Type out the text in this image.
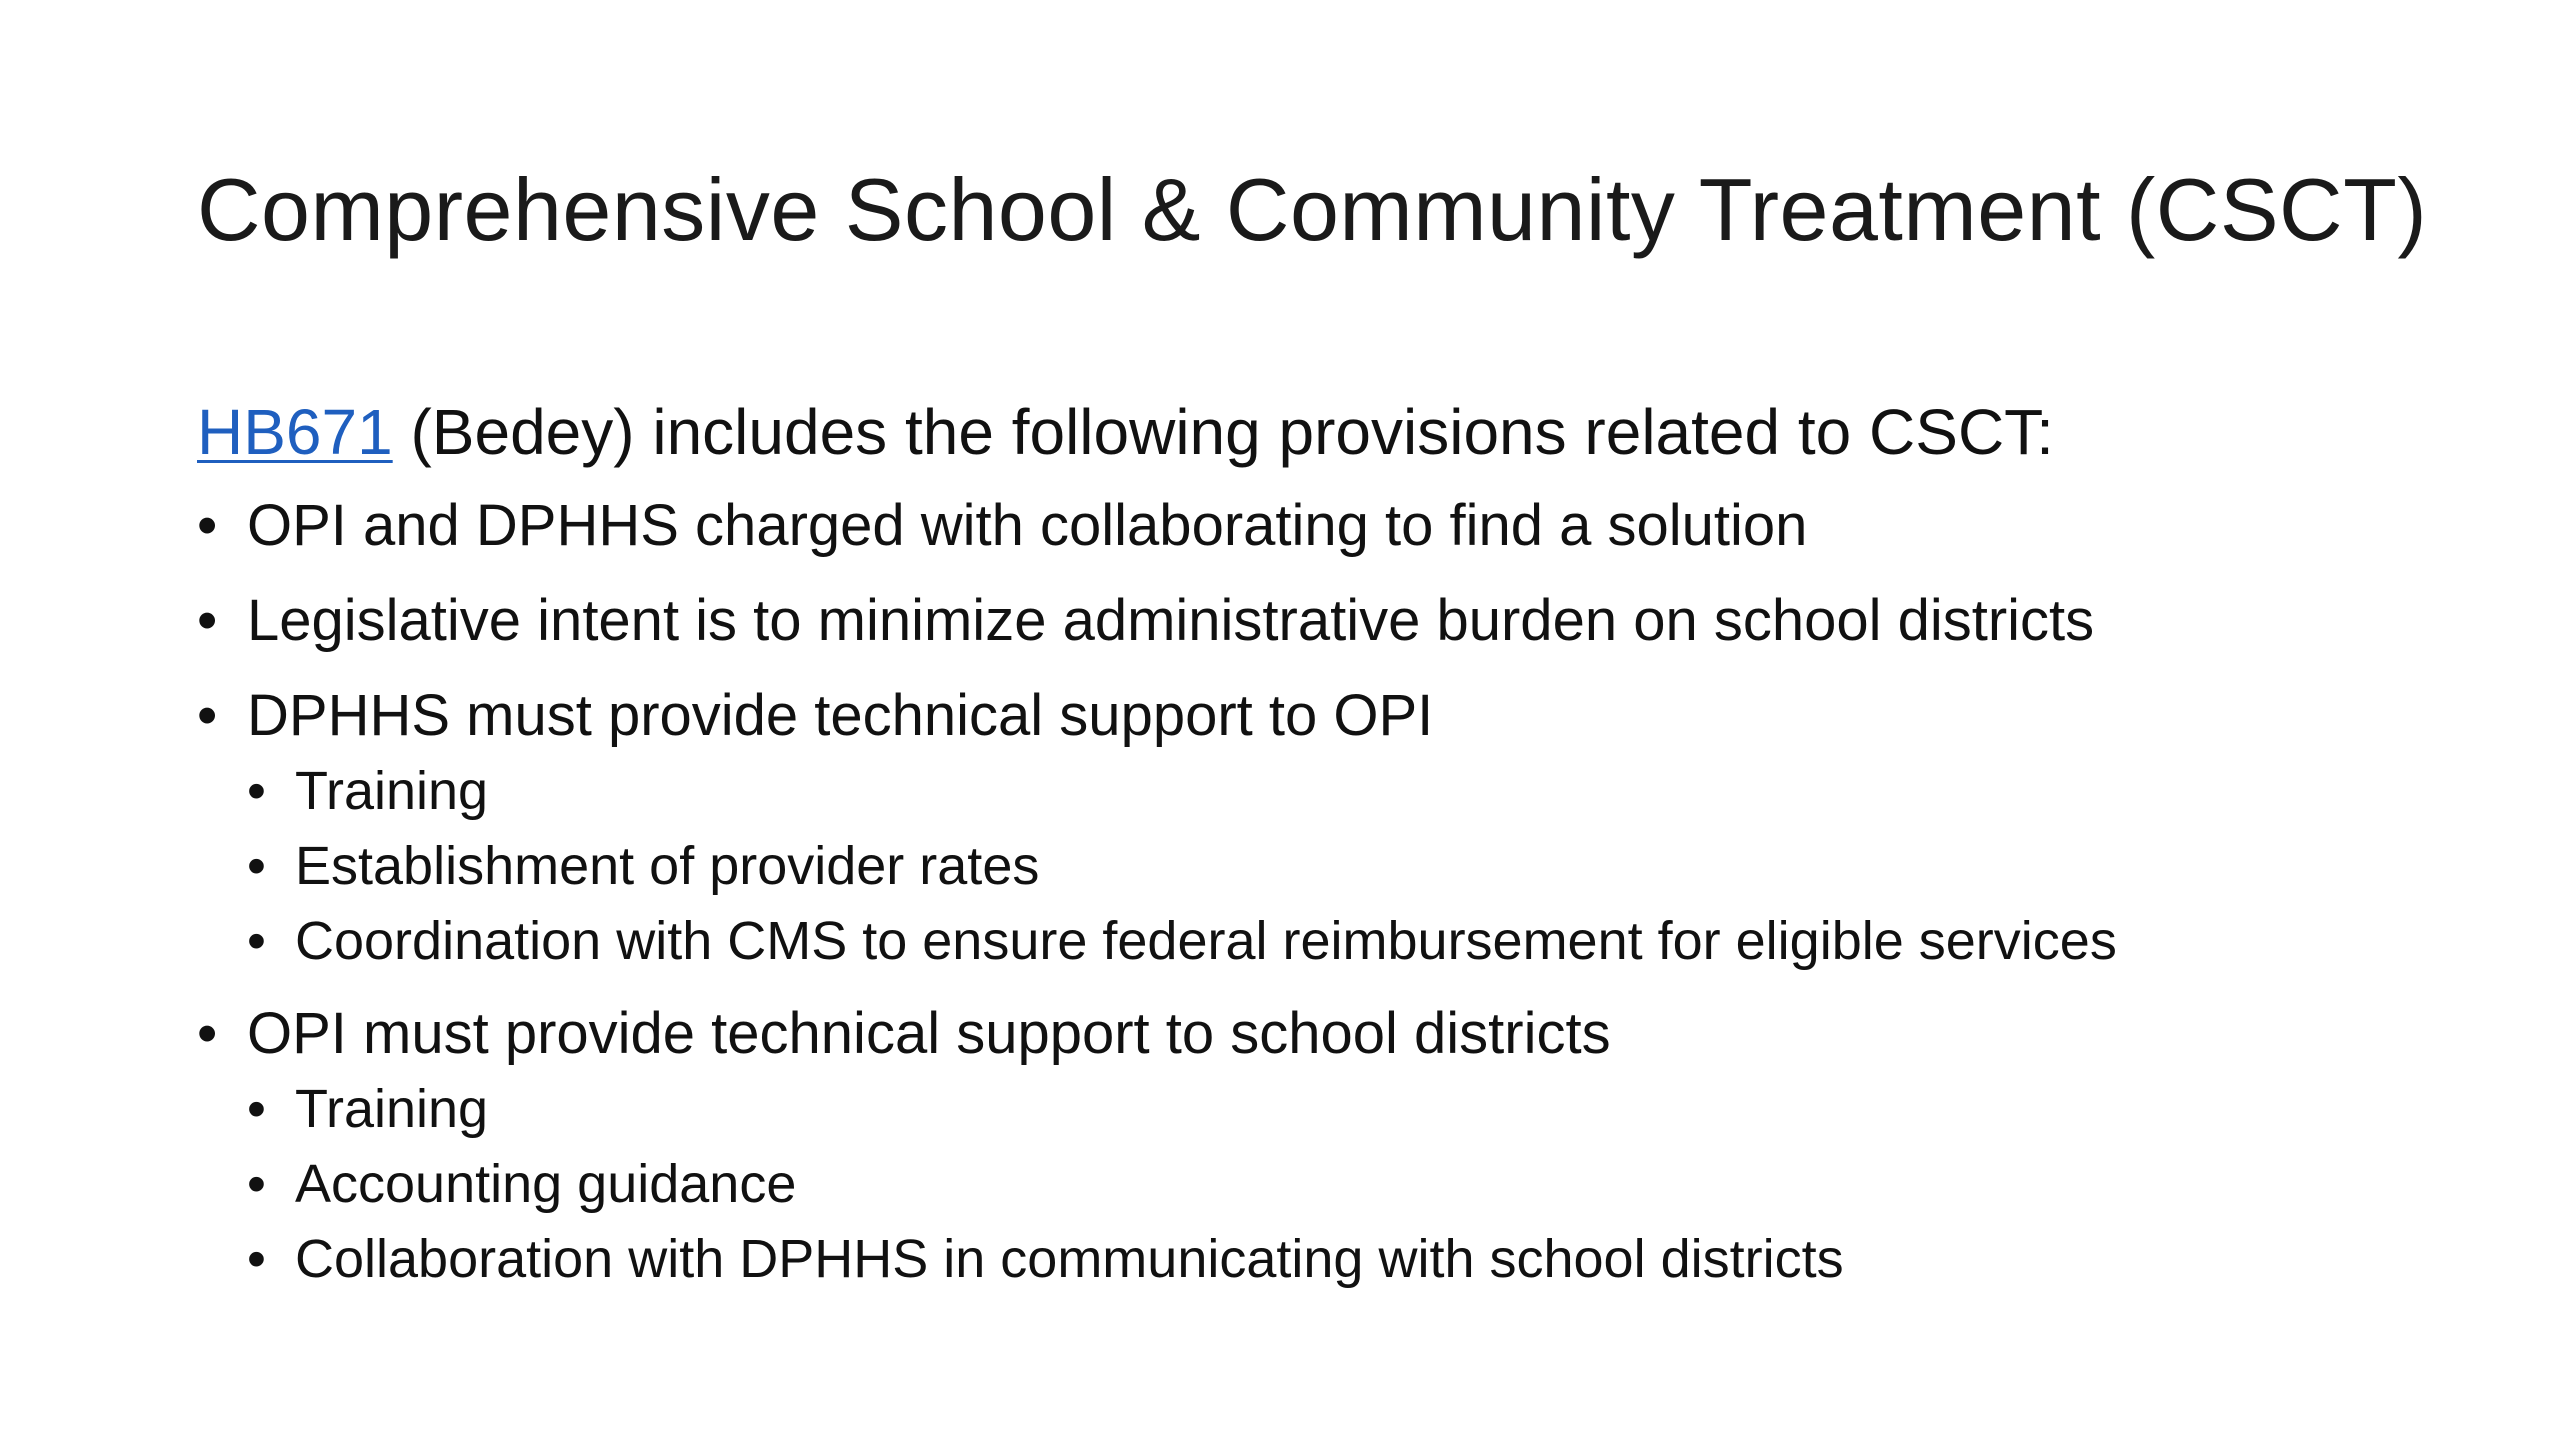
Comprehensive School & Community Treatment (CSCT)
HB671 (Bedey) includes the following provisions related to CSCT:
• OPI and DPHHS charged with collaborating to find a solution
• Legislative intent is to minimize administrative burden on school districts
• DPHHS must provide technical support to OPI
• Training
• Establishment of provider rates
• Coordination with CMS to ensure federal reimbursement for eligible services
• OPI must provide technical support to school districts
• Training
• Accounting guidance
• Collaboration with DPHHS in communicating with school districts
